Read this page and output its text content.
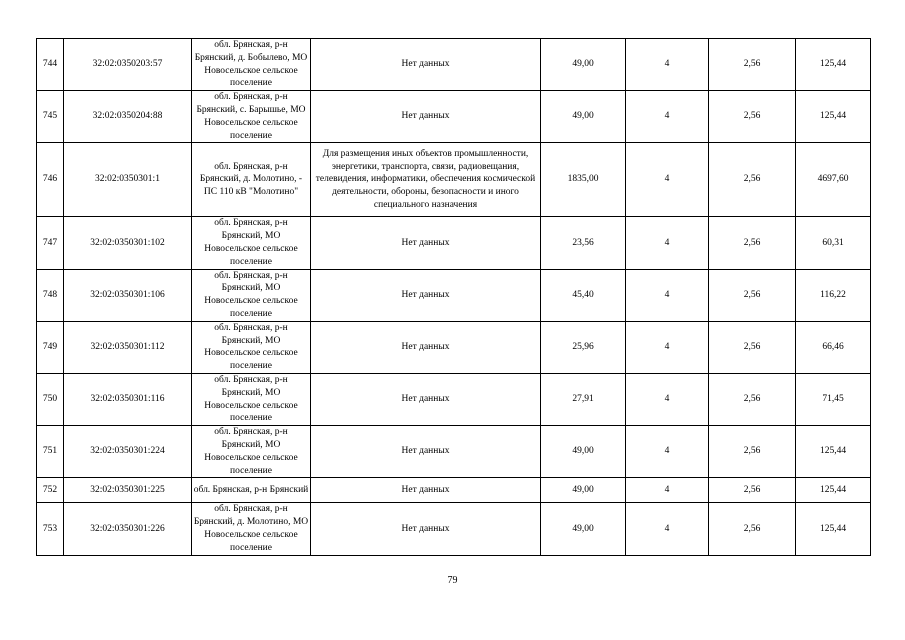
744	32:02:0350203:57	обл. Брянская, р-н Брянский, д. Бобылево, МО Новосельское сельское поселение	Нет данных	49,00	4	2,56	125,44
745	32:02:0350204:88	обл. Брянская, р-н Брянский, с. Барышье, МО Новосельское сельское поселение	Нет данных	49,00	4	2,56	125,44
746	32:02:0350301:1	обл. Брянская, р-н Брянский, д. Молотино, - ПС 110 кВ "Молотино"	Для размещения иных объектов промышленности, энергетики, транспорта, связи, радиовещания, телевидения, информатики, обеспечения космической деятельности, обороны, безопасности и иного специального назначения	1835,00	4	2,56	4697,60
747	32:02:0350301:102	обл. Брянская, р-н Брянский, МО Новосельское сельское поселение	Нет данных	23,56	4	2,56	60,31
748	32:02:0350301:106	обл. Брянская, р-н Брянский, МО Новосельское сельское поселение	Нет данных	45,40	4	2,56	116,22
749	32:02:0350301:112	обл. Брянская, р-н Брянский, МО Новосельское сельское поселение	Нет данных	25,96	4	2,56	66,46
750	32:02:0350301:116	обл. Брянская, р-н Брянский, МО Новосельское сельское поселение	Нет данных	27,91	4	2,56	71,45
751	32:02:0350301:224	обл. Брянская, р-н Брянский, МО Новосельское сельское поселение	Нет данных	49,00	4	2,56	125,44
752	32:02:0350301:225	обл. Брянская, р-н Брянский	Нет данных	49,00	4	2,56	125,44
753	32:02:0350301:226	обл. Брянская, р-н Брянский, д. Молотино, МО Новосельское сельское поселение	Нет данных	49,00	4	2,56	125,44
79
